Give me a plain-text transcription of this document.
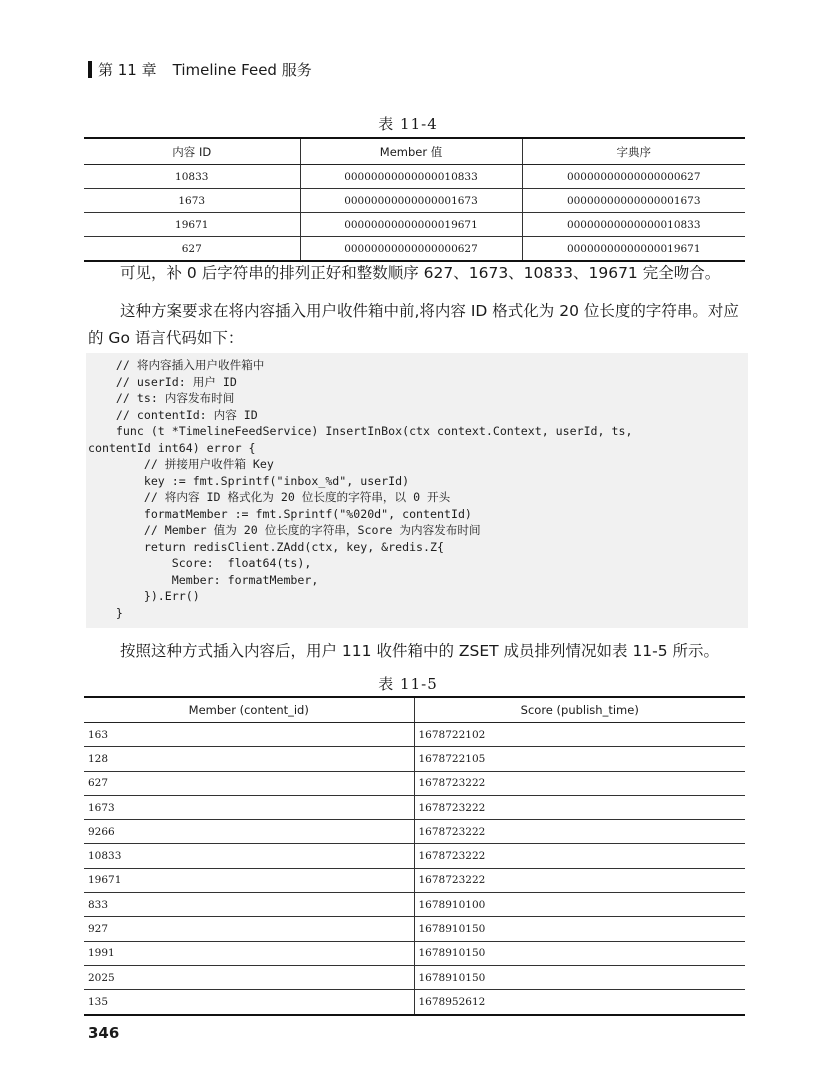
第 11 章 Timeline Feed 服务
表 11-4
内容 ID	Member 值	字典序
10833	00000000000000010833	00000000000000000627
1673	00000000000000001673	00000000000000001673
19671	00000000000000019671	00000000000000010833
627	00000000000000000627	00000000000000019671

可见，补 0 后字符串的排列正好和整数顺序 627、1673、10833、19671 完全吻合。

这种方案要求在将内容插入用户收件箱中前,将内容 ID 格式化为 20 位长度的字符串。对应的 Go 语言代码如下：

// 将内容插入用户收件箱中
// userId: 用户 ID
// ts: 内容发布时间
// contentId: 内容 ID
func (t *TimelineFeedService) InsertInBox(ctx context.Context, userId, ts,
contentId int64) error {
// 拼接用户收件箱 Key
key := fmt.Sprintf("inbox_%d", userId)
// 将内容 ID 格式化为 20 位长度的字符串，以 0 开头
formatMember := fmt.Sprintf("%020d", contentId)
// Member 值为 20 位长度的字符串，Score 为内容发布时间
return redisClient.ZAdd(ctx, key, &redis.Z{
Score:  float64(ts),
Member: formatMember,
}).Err()
}

按照这种方式插入内容后，用户 111 收件箱中的 ZSET 成员排列情况如表 11-5 所示。

表 11-5
Member (content_id)	Score (publish_time)
163	1678722102
128	1678722105
627	1678723222
1673	1678723222
9266	1678723222
10833	1678723222
19671	1678723222
833	1678910100
927	1678910150
1991	1678910150
2025	1678910150
135	1678952612
346
